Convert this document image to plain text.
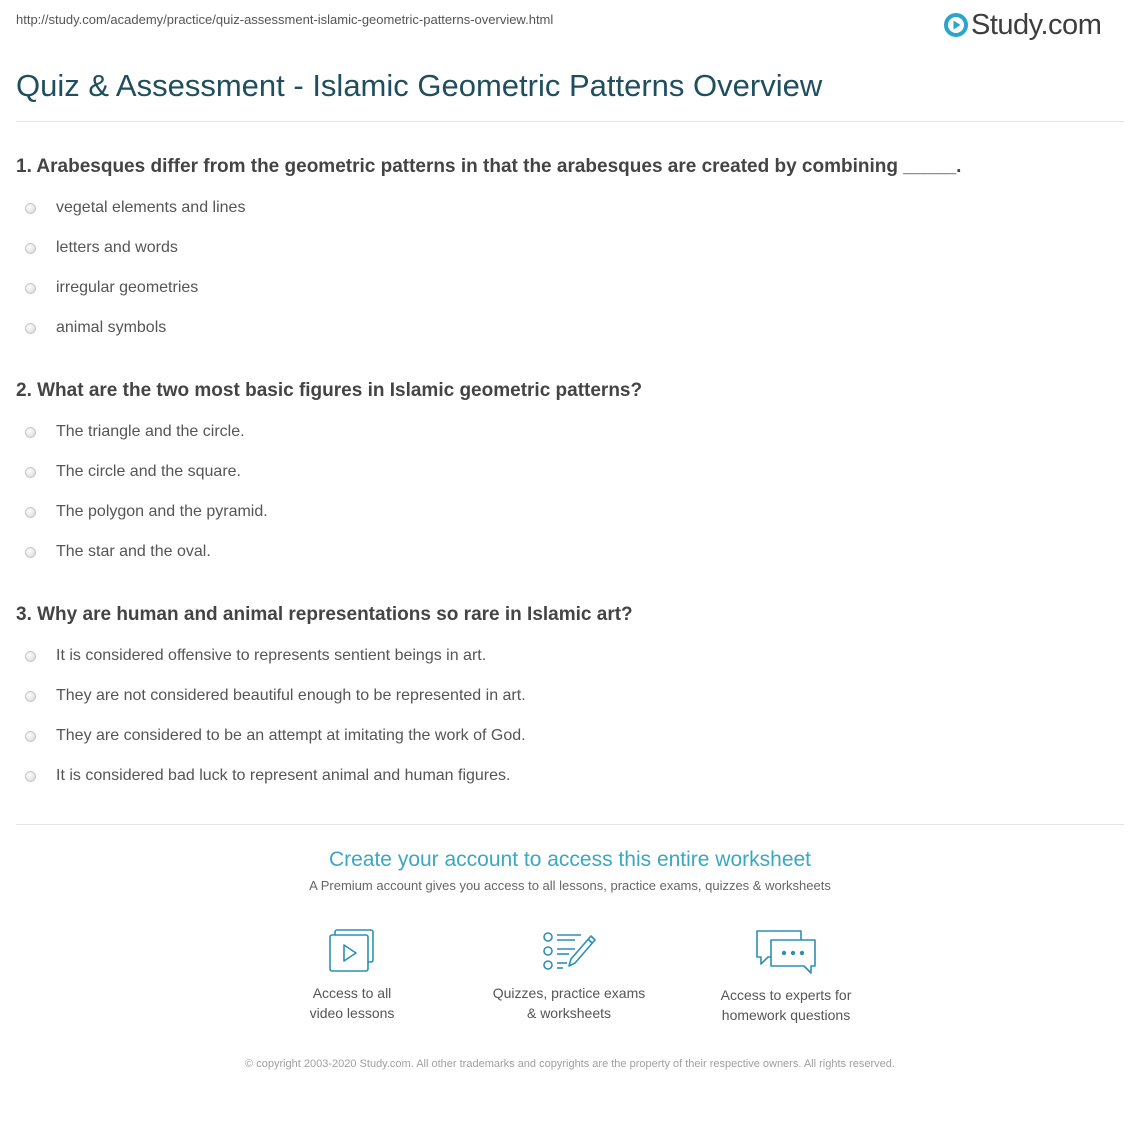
http://study.com/academy/practice/quiz-assessment-islamic-geometric-patterns-overview.html	Study.com
Quiz & Assessment - Islamic Geometric Patterns Overview

1. Arabesques differ from the geometric patterns in that the arabesques are created by combining _____.

vegetal elements and lines
letters and words
irregular geometries
animal symbols

2. What are the two most basic figures in Islamic geometric patterns?

The triangle and the circle.
The circle and the square.
The polygon and the pyramid.
The star and the oval.

3. Why are human and animal representations so rare in Islamic art?

It is considered offensive to represents sentient beings in art.
They are not considered beautiful enough to be represented in art.
They are considered to be an attempt at imitating the work of God.
It is considered bad luck to represent animal and human figures.

Create your account to access this entire worksheet

A Premium account gives you access to all lessons, practice exams, quizzes & worksheets

Access to all
video lessons
Quizzes, practice exams
& worksheets
Access to experts for
homework questions
© copyright 2003-2020 Study.com. All other trademarks and copyrights are the property of their respective owners. All rights reserved.
